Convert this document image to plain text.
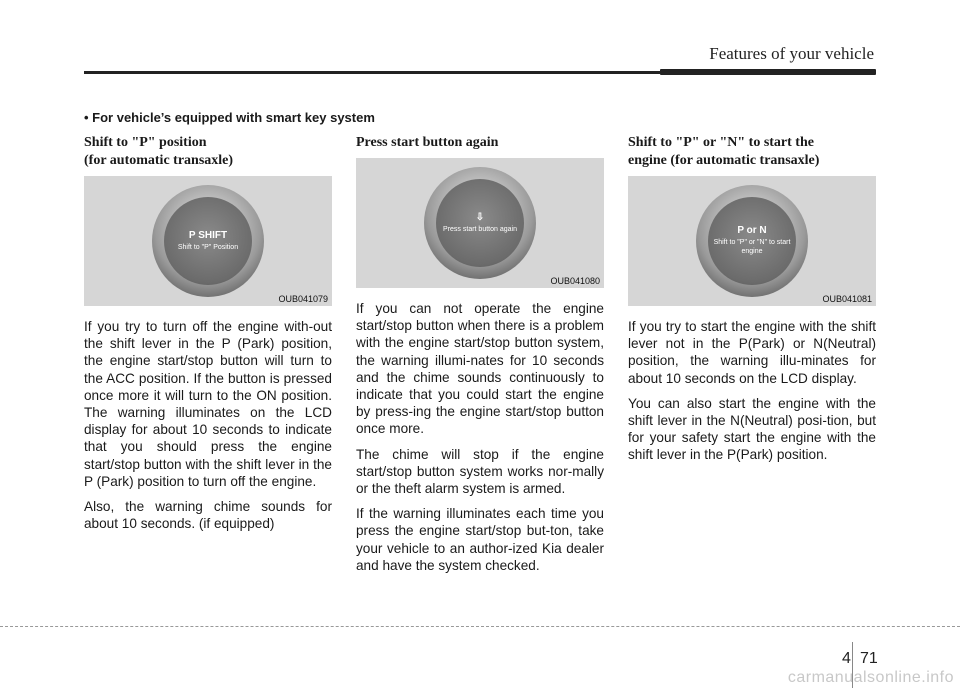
Features of your vehicle
• For vehicle’s equipped with smart key system

Shift to "P" position
(for automatic transaxle)

P SHIFT
Shift to "P" Position
OUB041079

If you try to turn off the engine with-out the shift lever in the P (Park) position, the engine start/stop button will turn to the ACC position. If the button is pressed once more it will turn to the ON position. The warning illuminates on the LCD display for about 10 seconds to indicate that you should press the engine start/stop button with the shift lever in the P (Park) position to turn off the engine.

Also, the warning chime sounds for about 10 seconds. (if equipped)

Press start button again

⇩
Press start button again
OUB041080

If you can not operate the engine start/stop button when there is a problem with the engine start/stop button system, the warning illumi-nates for 10 seconds and the chime sounds continuously to indicate that you could start the engine by press-ing the engine start/stop button once more.

The chime will stop if the engine start/stop button system works nor-mally or the theft alarm system is armed.

If the warning illuminates each time you press the engine start/stop but-ton, take your vehicle to an author-ized Kia dealer and have the system checked.

Shift to "P" or "N" to start the
engine (for automatic transaxle)

P or N
Shift to "P" or "N" to start engine
OUB041081

If you try to start the engine with the shift lever not in the P(Park) or N(Neutral) position, the warning illu-minates for about 10 seconds on the LCD display.

You can also start the engine with the shift lever in the N(Neutral) posi-tion, but for your safety start the engine with the shift lever in the P(Park) position.

4 71
carmanualsonline.info
